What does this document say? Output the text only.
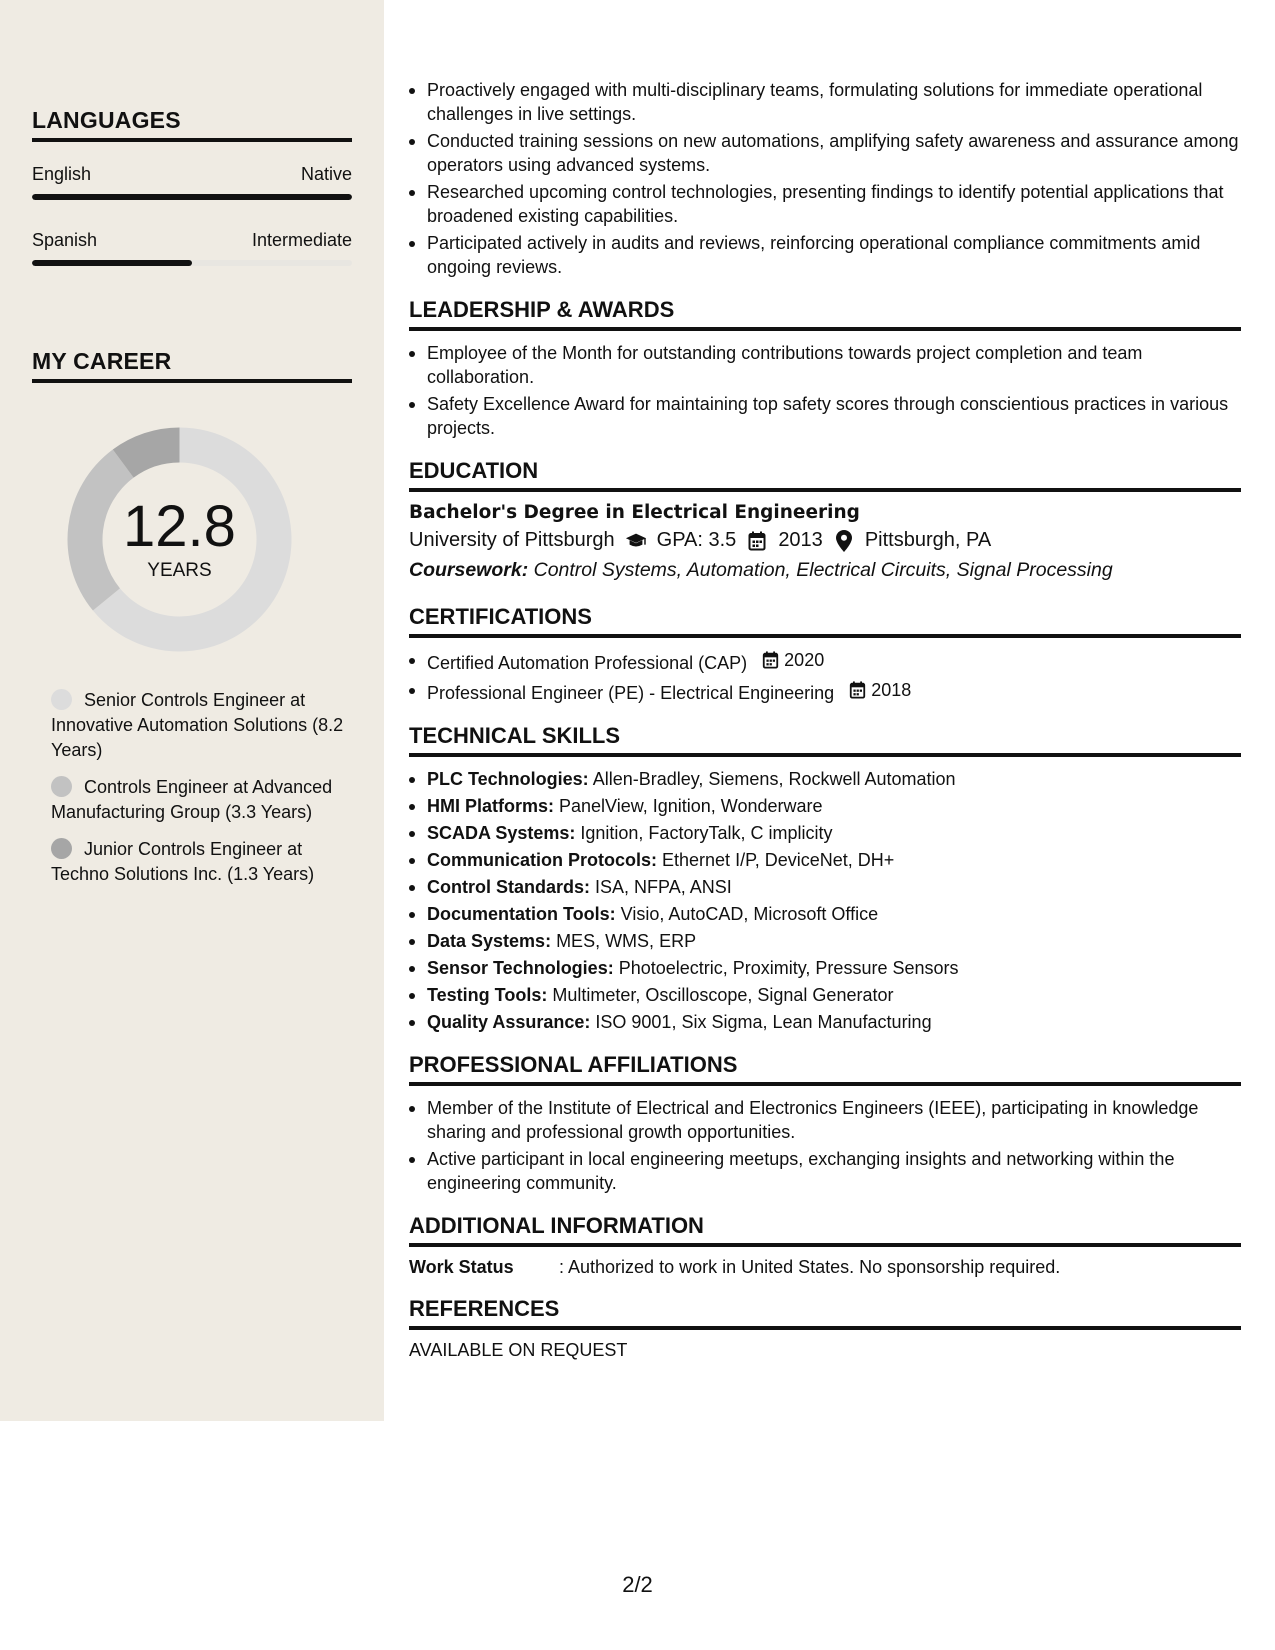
LANGUAGES
English	Native
Spanish	Intermediate
MY CAREER
12.8
YEARS
Senior Controls Engineer at Innovative Automation Solutions (8.2 Years)
Controls Engineer at Advanced Manufacturing Group (3.3 Years)
Junior Controls Engineer at Techno Solutions Inc. (1.3 Years)
Proactively engaged with multi-disciplinary teams, formulating solutions for immediate operational challenges in live settings.
Conducted training sessions on new automations, amplifying safety awareness and assurance among operators using advanced systems.
Researched upcoming control technologies, presenting findings to identify potential applications that broadened existing capabilities.
Participated actively in audits and reviews, reinforcing operational compliance commitments amid ongoing reviews.
LEADERSHIP & AWARDS
Employee of the Month for outstanding contributions towards project completion and team collaboration.
Safety Excellence Award for maintaining top safety scores through conscientious practices in various projects.
EDUCATION
Bachelor's Degree in Electrical Engineering
University of Pittsburgh GPA: 3.5 2013 Pittsburgh, PA
Coursework: Control Systems, Automation, Electrical Circuits, Signal Processing
CERTIFICATIONS
Certified Automation Professional (CAP) 2020
Professional Engineer (PE) - Electrical Engineering 2018
TECHNICAL SKILLS
PLC Technologies: Allen-Bradley, Siemens, Rockwell Automation
HMI Platforms: PanelView, Ignition, Wonderware
SCADA Systems: Ignition, FactoryTalk, C implicity
Communication Protocols: Ethernet I/P, DeviceNet, DH+
Control Standards: ISA, NFPA, ANSI
Documentation Tools: Visio, AutoCAD, Microsoft Office
Data Systems: MES, WMS, ERP
Sensor Technologies: Photoelectric, Proximity, Pressure Sensors
Testing Tools: Multimeter, Oscilloscope, Signal Generator
Quality Assurance: ISO 9001, Six Sigma, Lean Manufacturing
PROFESSIONAL AFFILIATIONS
Member of the Institute of Electrical and Electronics Engineers (IEEE), participating in knowledge sharing and professional growth opportunities.
Active participant in local engineering meetups, exchanging insights and networking within the engineering community.
ADDITIONAL INFORMATION
Work Status	: Authorized to work in United States. No sponsorship required.
REFERENCES
AVAILABLE ON REQUEST
2/2
